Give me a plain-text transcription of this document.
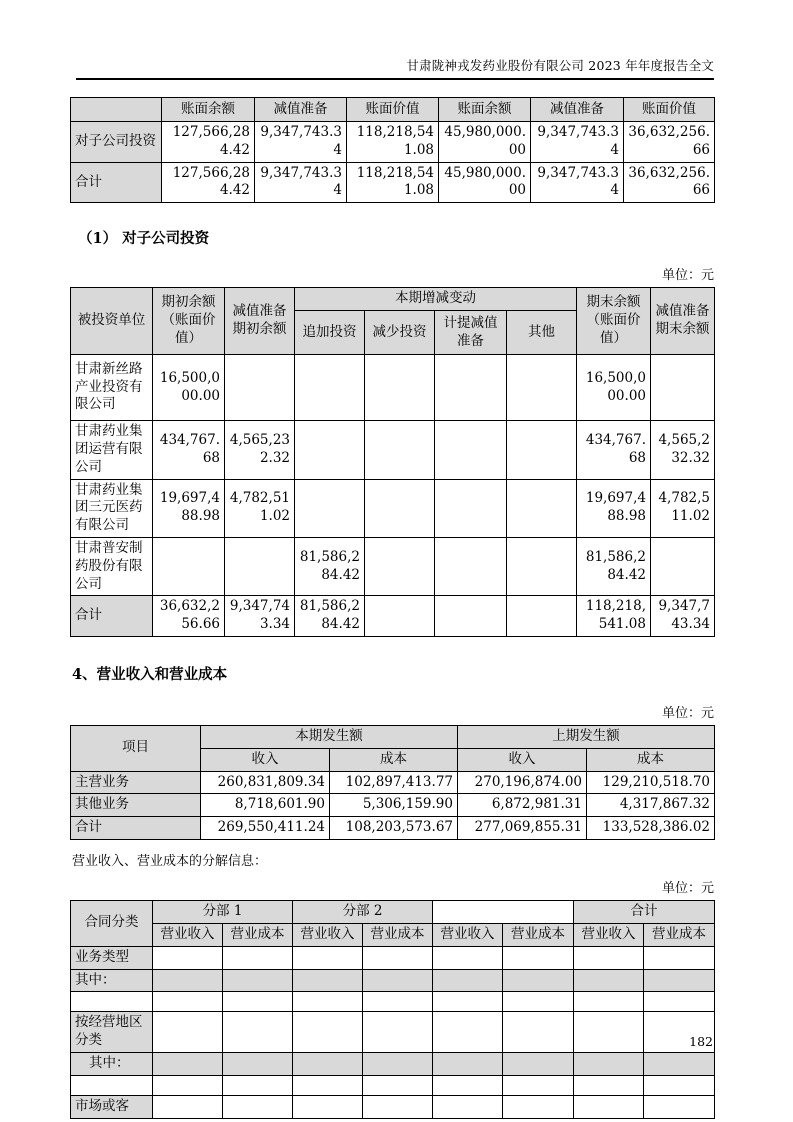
甘肃陇神戎发药业股份有限公司 2023 年年度报告全文
	账面余额	减值准备	账面价值	账面余额	减值准备	账面价值
对子公司投资	127,566,284.42	9,347,743.34	118,218,541.08	45,980,000.00	9,347,743.34	36,632,256.66
合计	127,566,284.42	9,347,743.34	118,218,541.08	45,980,000.00	9,347,743.34	36,632,256.66
（1） 对子公司投资
单位：元
被投资单位	期初余额（账面价值）	减值准备期初余额	本期增减变动				期末余额（账面价值）	减值准备期末余额
			追加投资	减少投资	计提减值准备	其他		
甘肃新丝路产业投资有限公司	16,500,000.00						16,500,000.00	
甘肃药业集团运营有限公司	434,767.68	4,565,232.32					434,767.68	4,565,232.32
甘肃药业集团三元医药有限公司	19,697,488.98	4,782,511.02					19,697,488.98	4,782,511.02
甘肃普安制药股份有限公司			81,586,284.42				81,586,284.42	
合计	36,632,256.66	9,347,743.34	81,586,284.42				118,218,541.08	9,347,743.34
4、营业收入和营业成本
单位：元
项目	本期发生额		上期发生额	
	收入	成本	收入	成本
主营业务	260,831,809.34	102,897,413.77	270,196,874.00	129,210,518.70
其他业务	8,718,601.90	5,306,159.90	6,872,981.31	4,317,867.32
合计	269,550,411.24	108,203,573.67	277,069,855.31	133,528,386.02
营业收入、营业成本的分解信息：
单位：元
合同分类	分部 1		分部 2				合计	
	营业收入	营业成本	营业收入	营业成本	营业收入	营业成本	营业收入	营业成本
业务类型								
其中：								

按经营地区分类								
其中：								

市场或客								
182
